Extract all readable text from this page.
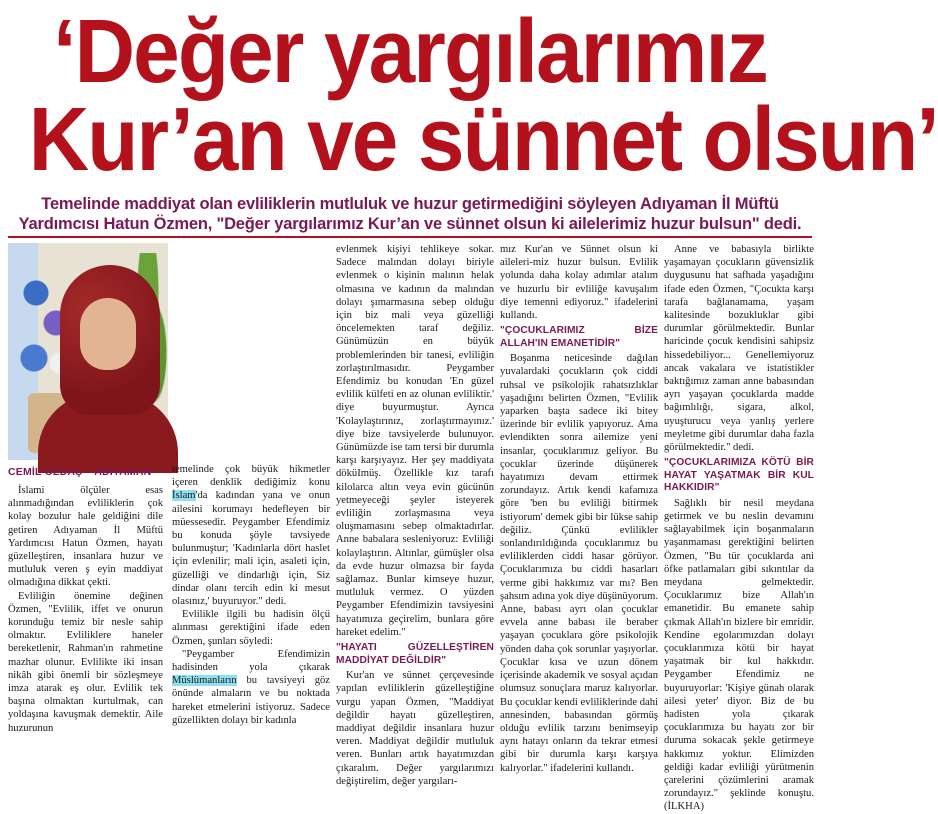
‘Değer yargılarımız
Kur’an ve sünnet olsun’
Temelinde maddiyat olan evliliklerin mutluluk ve huzur getirmediğini söyleyen Adıyaman İl Müftü
Yardımcısı Hatun Özmen, "Değer yargılarımız Kur’an ve sünnet olsun ki ailelerimiz huzur bulsun" dedi.
CEMİL ÖZDAŞ – ADIYAMAN

İslami ölçüler esas alınmadığından evliliklerin çok kolay bozulur hale geldiğini dile getiren Adıyaman İl Müftü Yardımcısı Hatun Özmen, hayatı güzelleştiren, insanlara huzur ve mutluluk veren ş eyin maddiyat olmadığına dikkat çekti.

Evliliğin önemine değinen Özmen, "Evlilik, iffet ve onurun korunduğu temiz bir nesle sahip olmaktır. Evliliklere haneler bereketlenir, Rahman'ın rahmetine mazhar olunur. Evlilikte iki insan nikâh gibi önemli bir sözleşmeye imza atarak eş olur. Evlilik tek başına olmaktan kurtulmak, can yoldaşına kavuşmak demektir. Aile huzurunun

temelinde çok büyük hikmetler içeren denklik dediğimiz konu İslam'da kadından yana ve onun ailesini korumayı hedefleyen bir müessesedir. Peygamber Efendimiz bu konuda şöyle tavsiyede bulunmuştur; 'Kadınlarla dört haslet için evlenilir; mali için, asaleti için, güzelliği ve dindarlığı için, Siz dindar olanı tercih edin ki mesut olasınız,' buyuruyor." dedi.

Evlilikle ilgili bu hadisin ölçü alınması gerektiğini ifade eden Özmen, şunları söyledi:

"Peygamber Efendimizin hadisinden yola çıkarak Müslümanların bu tavsiyeyi göz önünde almaların ve bu noktada hareket etmelerini istiyoruz. Sadece güzellikten dolayı bir kadınla

evlenmek kişiyi tehlikeye sokar. Sadece malından dolayı biriyle evlenmek o kişinin malının helak olmasına ve kadının da malından dolayı şımarmasına sebep olduğu için biz mali veya güzelliği öncelemekten taraf değiliz. Günümüzün en büyük problemlerinden bir tanesi, evliliğin zorlaştırılmasıdır. Peygamber Efendimiz bu konudan 'En güzel evlilik külfeti en az olunan evliliktir.' diye buyurmuştur. Ayrıca 'Kolaylaştırınız, zorlaştırmayınız.' diye bize tavsiyelerde bulunuyor. Günümüzde ise tam tersi bir durumla karşı karşıyayız. Her şey maddiyata döküImüş. Özellikle kız tarafı kilolarca altın veya evin gücünün yetmeyeceği şeyler isteyerek evliliğin zorlaşmasına veya oluşmamasını sebep olmaktadırlar. Anne babalara sesleniyoruz: Evliliği kolaylaştırın. Altınlar, gümüşler olsa da evde huzur olmazsa bir fayda sağlamaz. Bunlar kimseye huzur, mutluluk vermez. O yüzden Peygamber Efendimizin tavsiyesini hayatımıza geçirelim, bunlara göre hareket edelim."

"HAYATI GÜZELLEŞTİREN MADDİYAT DEĞİLDİR"

Kur'an ve sünnet çerçevesinde yapılan evliliklerin güzelleştiğine vurgu yapan Özmen, "Maddiyat değildir hayatı güzelleştiren, maddiyat değildir insanlara huzur veren. Maddiyat değildir mutluluk veren. Bunları artık hayatımızdan çıkaralım. Değer yargılarımızı değiştirelim, değer yargıları-

mız Kur'an ve Sünnet olsun ki aileleri-miz huzur bulsun. Evlilik yolunda daha kolay adımlar atalım ve huzurlu bir evliliğe kavuşalım diye temenni ediyoruz." ifadelerini kullandı.

"ÇOCUKLARIMIZ BİZE ALLAH'IN EMANETİDİR"

Boşanma neticesinde dağılan yuvalardaki çocukların çok ciddi ruhsal ve psikolojik rahatsızlıklar yaşadığını belirten Özmen, "Evlilik yaparken başta sadece iki biteу üzerinde bir evlilik yapıyoruz. Ama evlendikten sonra ailemize yeni insanlar, çocuklarımız geliyor. Bu çocuklar üzerinde düşünerek hayatımızı devam ettirmek zorundayız. Artık kendi kafamıza göre 'ben bu evliliği bitirmek istiyorum' demek gibi bir lükse sahip değiliz. Çünkü evlilikler sonlandırıldığında çocuklarımız bu evliliklerden ciddi hasar görüyor. Çocuklarımıza bu ciddi hasarları verme gibi hakkımız var mı? Ben şahsım adına yok diye düşünüyorum. Anne, babası ayrı olan çocuklar evvela anne babası ile beraber yaşayan çocuklara göre psikolojik yönden daha çok sorunlar yaşıyorlar. Çocuklar kısa ve uzun dönem içerisinde akademik ve sosyal açıdan olumsuz sonuçlara maruz kalıyorlar. Bu çocuklar kendi evliliklerinde dahi annesinden, babasından görmüş olduğu evlilik tarzını benimseyip aynı hatayı onların da tekrar etmesi gibi bir durumla karşı karşıya kalıyorlar." ifadelerini kullandı.

Anne ve babasıyla birlikte yaşamayan çocukların güvensizlik duygusunu hat safhada yaşadığını ifade eden Özmen, "Çocukta karşı tarafa bağlanamama, yaşam kalitesinde bozukluklar gibi durumlar görülmektedir. Bunlar haricinde çocuk kendisini sahipsiz hissedebiliyor... Genellemiyoruz ancak vakalara ve istatistikler baktığımız zaman anne babasından ayrı yaşayan çocuklarda madde bağımlılığı, sigara, alkol, uyuşturucu veya yanlış yerlere meyletme gibi durumlar daha fazla görülmektedir." dedi.

"ÇOCUKLARIMIZA KÖTÜ BİR HAYAT YAŞATMAK BİR KUL HAKKIDIR"

Sağlıklı bir nesil meydana getirmek ve bu neslin devamını sağlayabilmek için boşanmaların yaşanmaması gerektiğini belirten Özmen, "Bu tür çocuklarda ani öfke patlamaları gibi sıkıntılar da meydana gelmektedir. Çocuklarımız bize Allah'ın emanetidir. Bu emanete sahip çıkmak Allah'ın bizlere bir emridir. Kendine egolarımızdan dolayı çocuklarımıza kötü bir hayat yaşatmak bir kul hakkıdır. Peygamber Efendimiz ne buyuruyorlar: 'Kişiye günah olarak ailesi yeter' diyor. Biz de bu hadisten yola çıkarak çocuklarımıza bu hayatı zor bir duruma sokacak şekle getirmeye hakkımız yoktur. Elimizden geldiği kadar evliliği yürütmenin çarelerini çözümlerini aramak zorundayız." şeklinde konuştu. (İLKHA)
